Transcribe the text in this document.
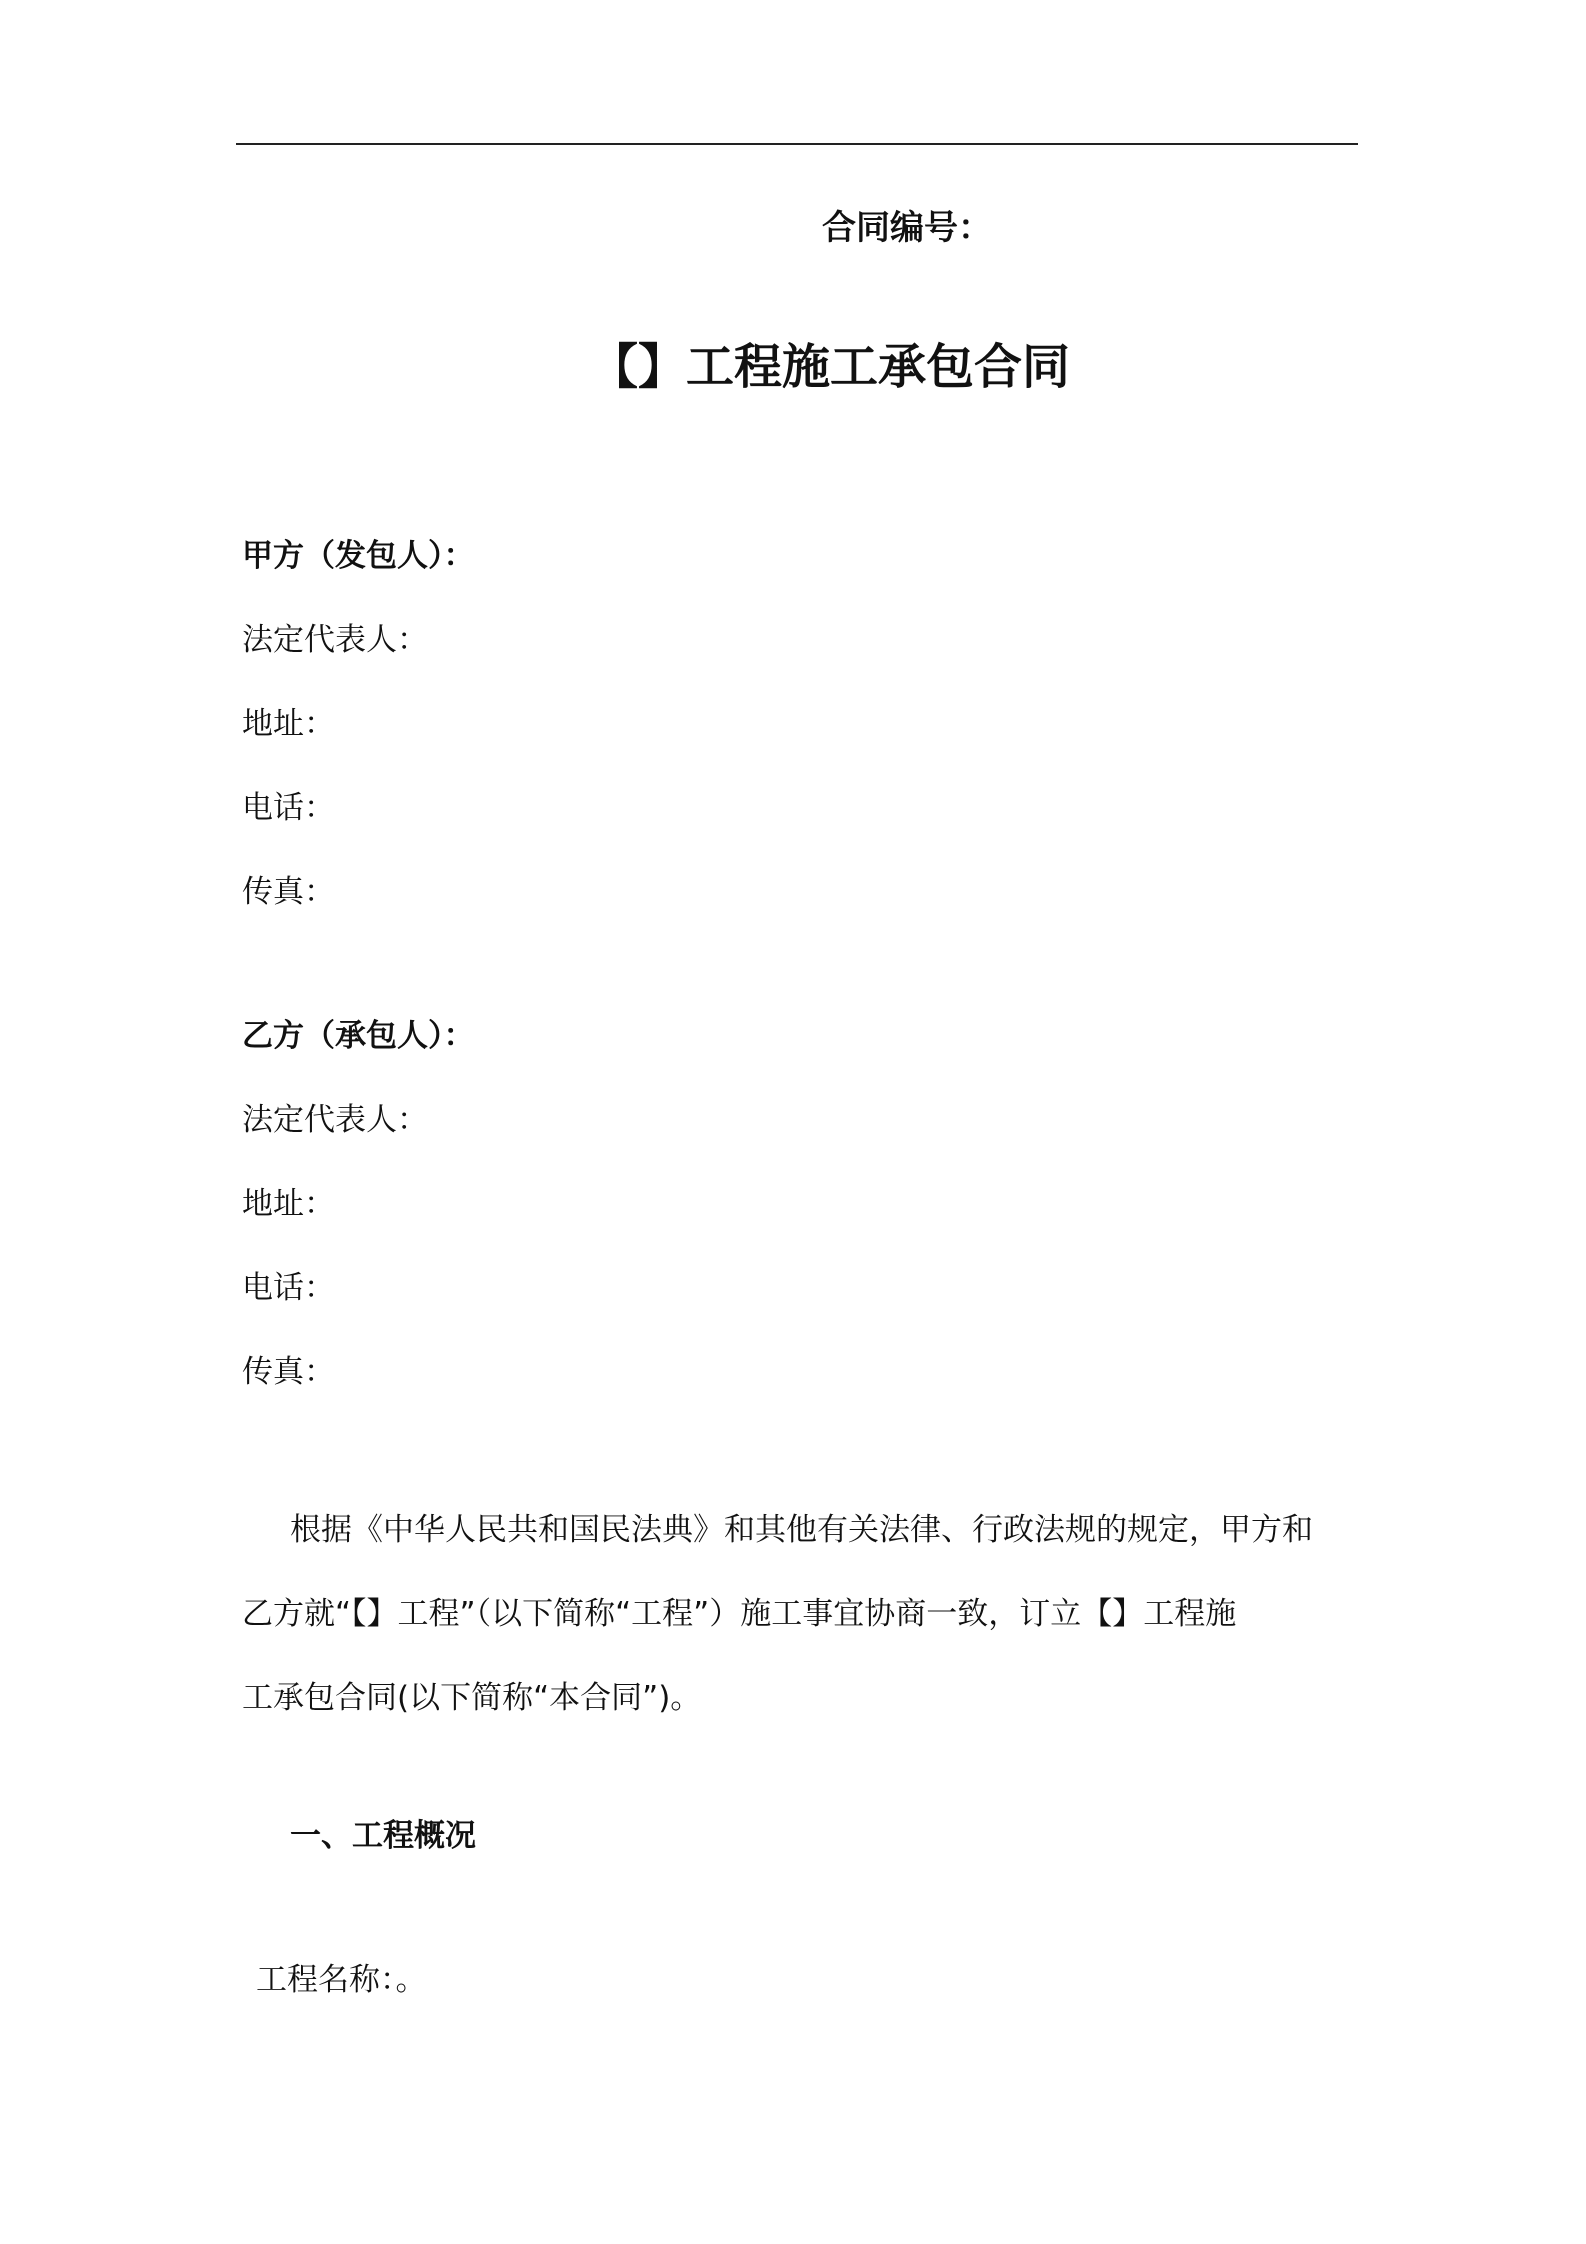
合同编号：
【】工程施工承包合同
甲方（发包人）：
法定代表人：
地址：
电话：
传真：
乙方（承包人）：
法定代表人：
地址：
电话：
传真：

根据《中华人民共和国民法典》和其他有关法律、行政法规的规定，甲方和

乙方就“【】工程”（以下简称“工程”）施工事宜协商一致，订立【】工程施

工承包合同(以下简称“本合同”)。

一、工程概况
工程名称：。
